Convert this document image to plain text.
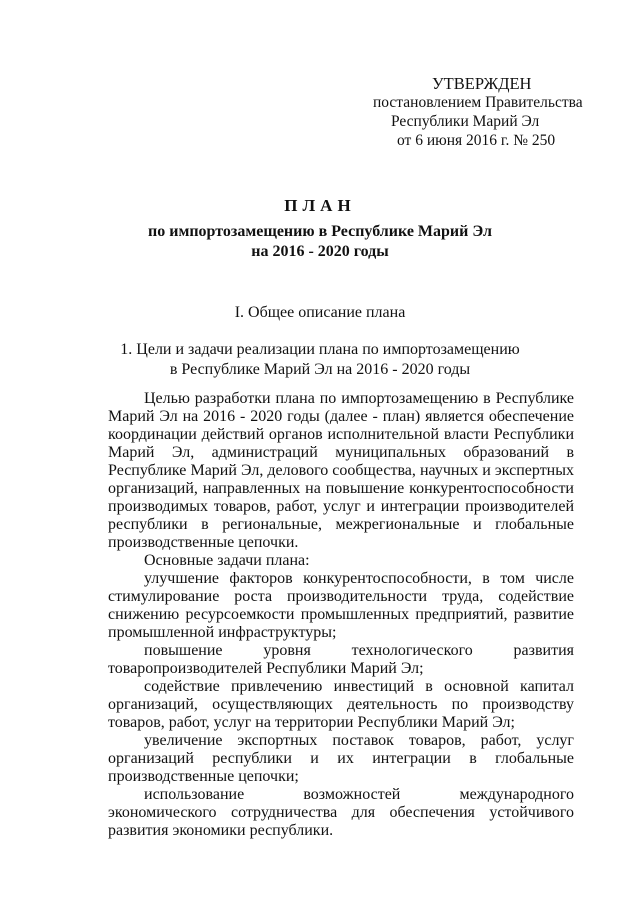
УТВЕРЖДЕН
постановлением Правительства
Республики Марий Эл
от 6 июня 2016 г. № 250
ПЛАН
по импортозамещению в Республике Марий Эл
на 2016 - 2020 годы
I. Общее описание плана
1. Цели и задачи реализации плана по импортозамещению
в Республике Марий Эл на 2016 - 2020 годы

Целью разработки плана по импортозамещению в Республике Марий Эл на 2016 - 2020 годы (далее - план) является обеспечение координации действий органов исполнительной власти Республики Марий Эл, администраций муниципальных образований в Республике Марий Эл, делового сообщества, научных и экспертных организаций, направленных на повышение конкурентоспособности производимых товаров, работ, услуг и интеграции производителей республики в региональные, межрегиональные и глобальные производственные цепочки.

Основные задачи плана:

улучшение факторов конкурентоспособности, в том числе стимулирование роста производительности труда, содействие снижению ресурсоемкости промышленных предприятий, развитие промышленной инфраструктуры;

повышение уровня технологического развития товаропроизводителей Республики Марий Эл;

содействие привлечению инвестиций в основной капитал организаций, осуществляющих деятельность по производству товаров, работ, услуг на территории Республики Марий Эл;

увеличение экспортных поставок товаров, работ, услуг организаций республики и их интеграции в глобальные производственные цепочки;

использование возможностей международного экономического сотрудничества для обеспечения устойчивого развития экономики республики.
